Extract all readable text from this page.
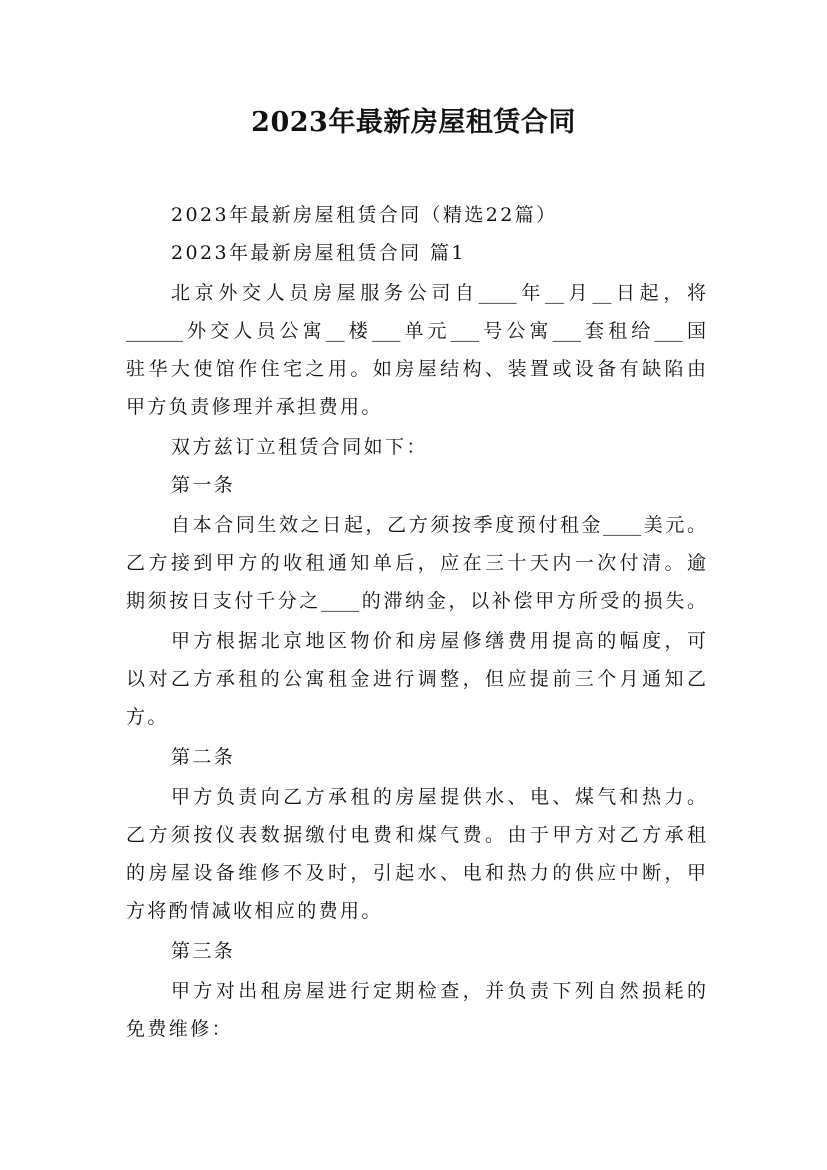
2023年最新房屋租赁合同
2023年最新房屋租赁合同（精选22篇）
2023年最新房屋租赁合同 篇1
北京外交人员房屋服务公司自____年__月__日起，将
______外交人员公寓__楼___单元___号公寓___套租给___国
驻华大使馆作住宅之用。如房屋结构、装置或设备有缺陷由
甲方负责修理并承担费用。
双方兹订立租赁合同如下：
第一条
自本合同生效之日起，乙方须按季度预付租金____美元。
乙方接到甲方的收租通知单后，应在三十天内一次付清。逾
期须按日支付千分之____的滞纳金，以补偿甲方所受的损失。
甲方根据北京地区物价和房屋修缮费用提高的幅度，可
以对乙方承租的公寓租金进行调整，但应提前三个月通知乙
方。
第二条
甲方负责向乙方承租的房屋提供水、电、煤气和热力。
乙方须按仪表数据缴付电费和煤气费。由于甲方对乙方承租
的房屋设备维修不及时，引起水、电和热力的供应中断，甲
方将酌情减收相应的费用。
第三条
甲方对出租房屋进行定期检查，并负责下列自然损耗的
免费维修：
